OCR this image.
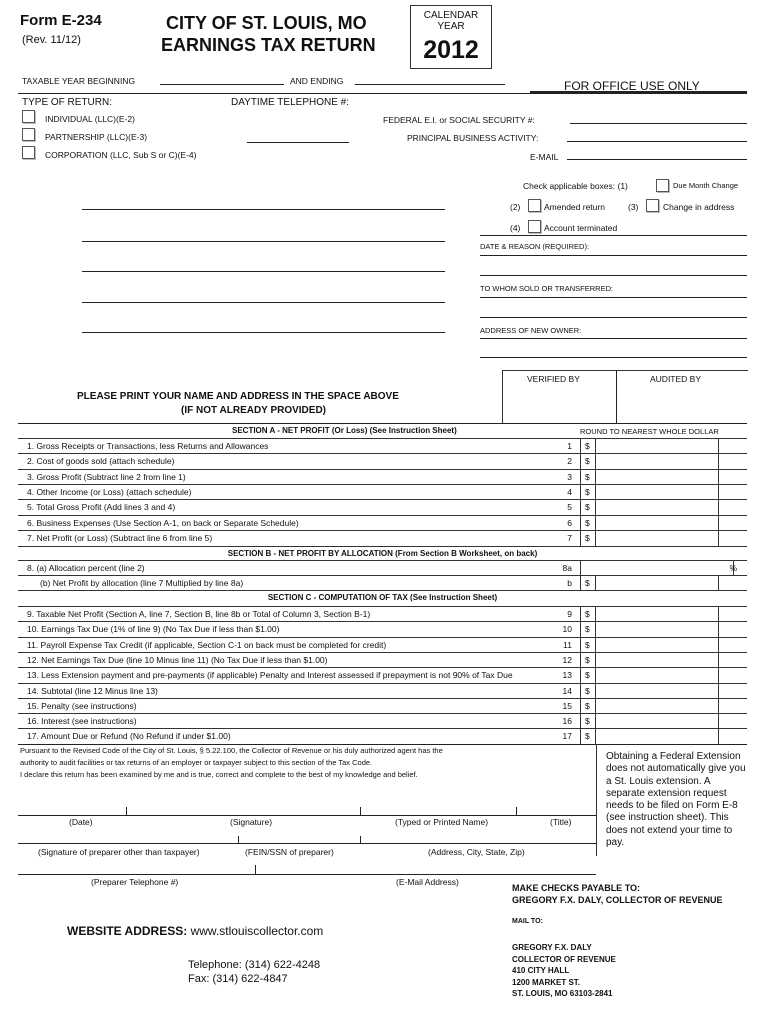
Form E-234
(Rev. 11/12)
CITY OF ST. LOUIS, MO
EARNINGS TAX RETURN
CALENDAR
YEAR
2012
TAXABLE YEAR BEGINNING	AND ENDING	FOR OFFICE USE ONLY
TYPE OF RETURN:	DAYTIME TELEPHONE #:
INDIVIDUAL (LLC)(E-2)
PARTNERSHIP (LLC)(E-3)
CORPORATION (LLC, Sub S or C)(E-4)
FEDERAL E.I. or SOCIAL SECURITY #:
PRINCIPAL BUSINESS ACTIVITY:
E-MAIL
Check applicable boxes: (1)	Due Month Change
(2)	Amended return	(3)	Change in address
(4)	Account terminated
DATE & REASON (REQUIRED):
TO WHOM SOLD OR TRANSFERRED:
ADDRESS OF NEW OWNER:
VERIFIED BY	AUDITED BY
PLEASE PRINT YOUR NAME AND ADDRESS IN THE SPACE ABOVE
(IF NOT ALREADY PROVIDED)
SECTION A - NET PROFIT (Or Loss) (See Instruction Sheet)	ROUND TO NEAREST WHOLE DOLLAR
1. Gross Receipts or Transactions, less Returns and Allowances	1 $
2. Cost of goods sold (attach schedule)	2 $
3. Gross Profit (Subtract line 2 from line 1)	3 $
4. Other Income (or Loss) (attach schedule)	4 $
5. Total Gross Profit (Add lines 3 and 4)	5 $
6. Business Expenses (Use Section A-1, on back or Separate Schedule)	6 $
7. Net Profit (or Loss) (Subtract line 6 from line 5)	7 $
SECTION B - NET PROFIT BY ALLOCATION (From Section B Worksheet, on back)
8. (a) Allocation percent (line 2)	8a	%
(b) Net Profit by allocation (line 7 Multiplied by line 8a)	b $
SECTION C - COMPUTATION OF TAX (See Instruction Sheet)
9. Taxable Net Profit (Section A, line 7, Section B, line 8b or Total of Column 3, Section B-1)	9 $
10. Earnings Tax Due (1% of line 9) (No Tax Due if less than $1.00)	10 $
11. Payroll Expense Tax Credit (if applicable, Section C-1 on back must be completed for credit)	11 $
12. Net Earnings Tax Due (line 10 Minus line 11) (No Tax Due if less than $1.00)	12 $
13. Less Extension payment and pre-payments (if applicable) Penalty and Interest assessed if prepayment is not 90% of Tax Due	13 $
14. Subtotal (line 12 Minus line 13)	14 $
15. Penalty (see instructions)	15 $
16. Interest (see instructions)	16 $
17. Amount Due or Refund (No Refund if under $1.00)	17 $
Pursuant to the Revised Code of the City of St. Louis, § 5.22.100, the Collector of Revenue or his duly authorized agent has the
authority to audit facilities or tax returns of an employer or taxpayer subject to this section of the Tax Code.
I declare this return has been examined by me and is true, correct and complete to the best of my knowledge and belief.
Obtaining a Federal Extension
does not automatically give you
a St. Louis extension. A
separate extension request
needs to be filed on Form E-8
(see instruction sheet). This
does not extend your time to
pay.
(Date)	(Signature)	(Typed or Printed Name)	(Title)
(Signature of preparer other than taxpayer)	(FEIN/SSN of preparer)	(Address, City, State, Zip)
(Preparer Telephone #)	(E-Mail Address)
MAKE CHECKS PAYABLE TO:
GREGORY F.X. DALY, COLLECTOR OF REVENUE
MAIL TO:
GREGORY F.X. DALY
COLLECTOR OF REVENUE
410 CITY HALL
1200 MARKET ST.
ST. LOUIS, MO 63103-2841
WEBSITE ADDRESS: www.stlouiscollector.com
Telephone: (314) 622-4248
Fax: (314) 622-4847
